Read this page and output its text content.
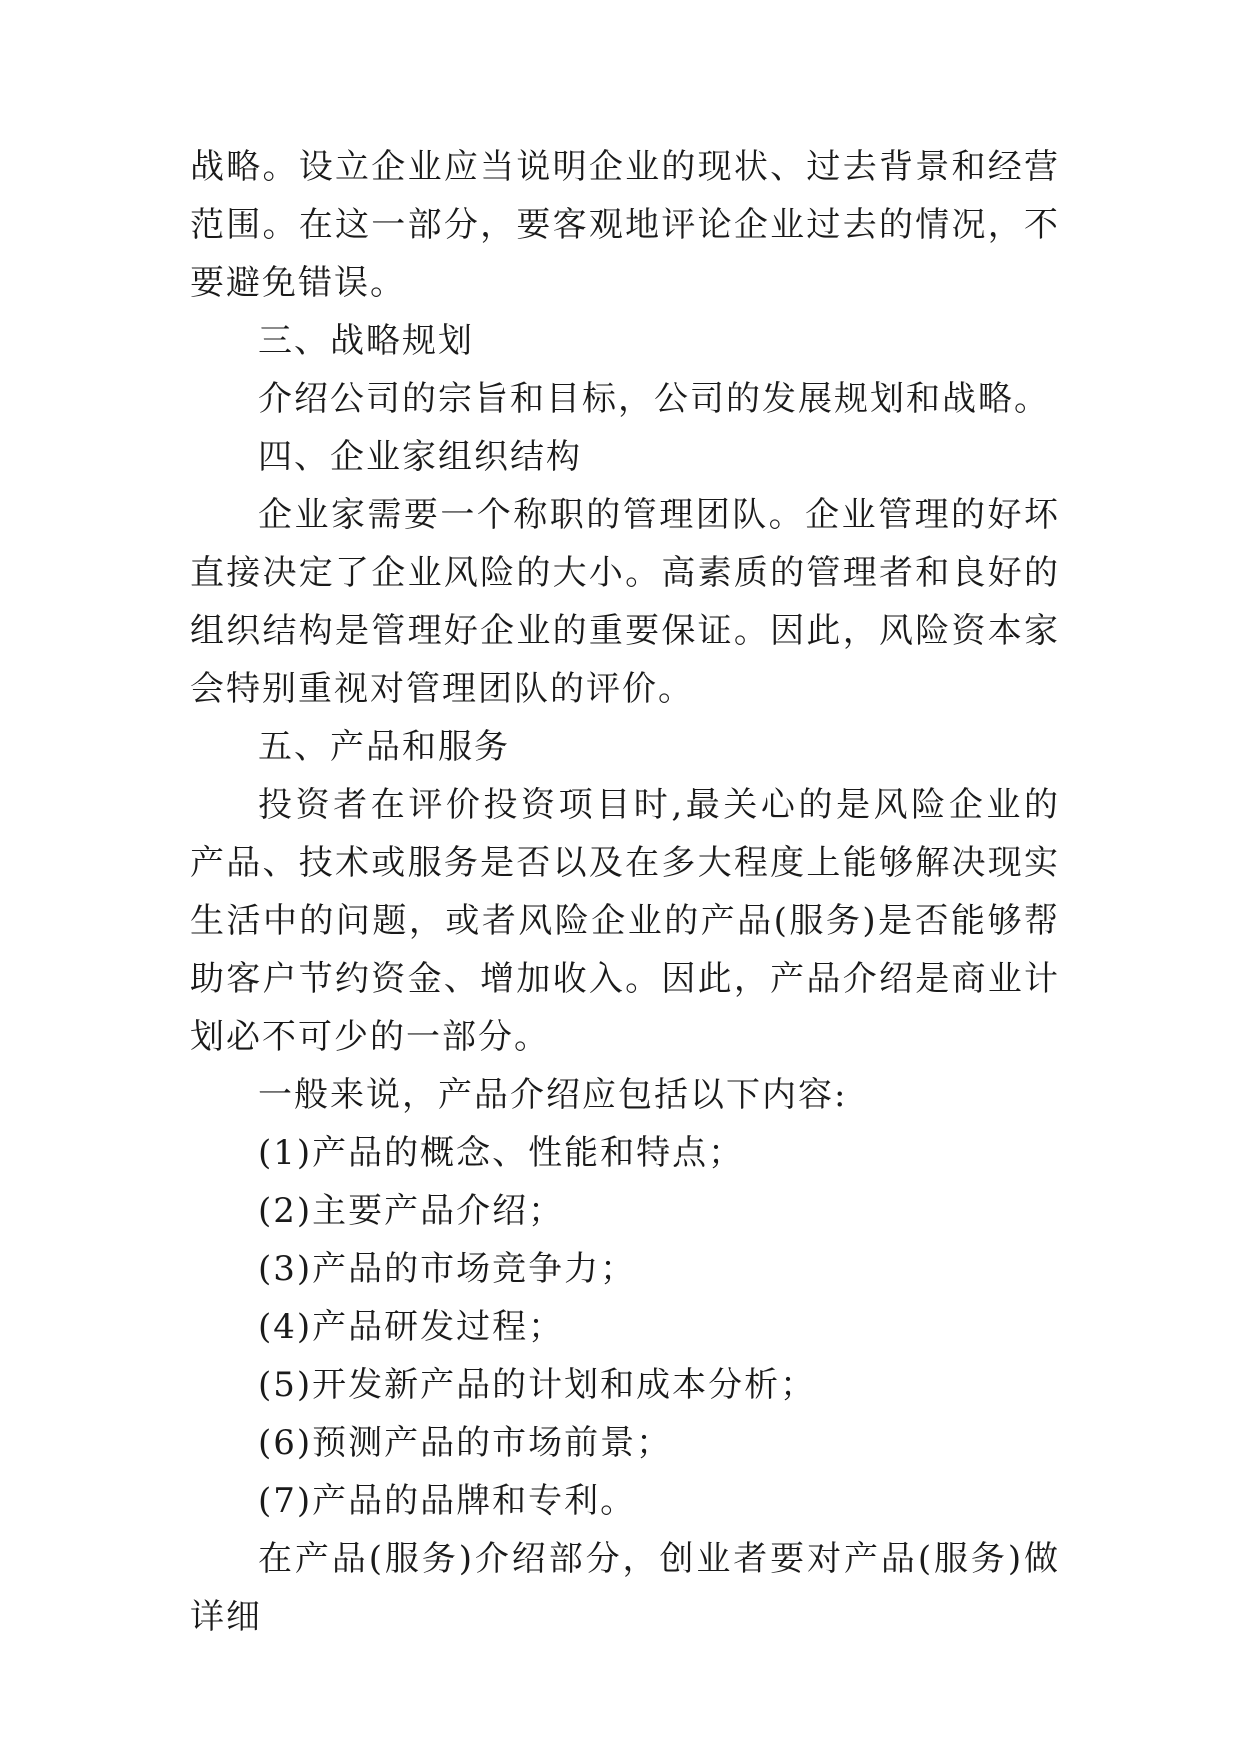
战略。设立企业应当说明企业的现状、过去背景和经营范围。在这一部分，要客观地评论企业过去的情况，不要避免错误。

三、战略规划

介绍公司的宗旨和目标，公司的发展规划和战略。

四、企业家组织结构

企业家需要一个称职的管理团队。企业管理的好坏直接决定了企业风险的大小。高素质的管理者和良好的组织结构是管理好企业的重要保证。因此，风险资本家会特别重视对管理团队的评价。

五、产品和服务

投资者在评价投资项目时,最关心的是风险企业的产品、技术或服务是否以及在多大程度上能够解决现实生活中的问题，或者风险企业的产品(服务)是否能够帮助客户节约资金、增加收入。因此，产品介绍是商业计划必不可少的一部分。

一般来说，产品介绍应包括以下内容:

(1)产品的概念、性能和特点；

(2)主要产品介绍；

(3)产品的市场竞争力；

(4)产品研发过程；

(5)开发新产品的计划和成本分析；

(6)预测产品的市场前景；

(7)产品的品牌和专利。

在产品(服务)介绍部分，创业者要对产品(服务)做详细
